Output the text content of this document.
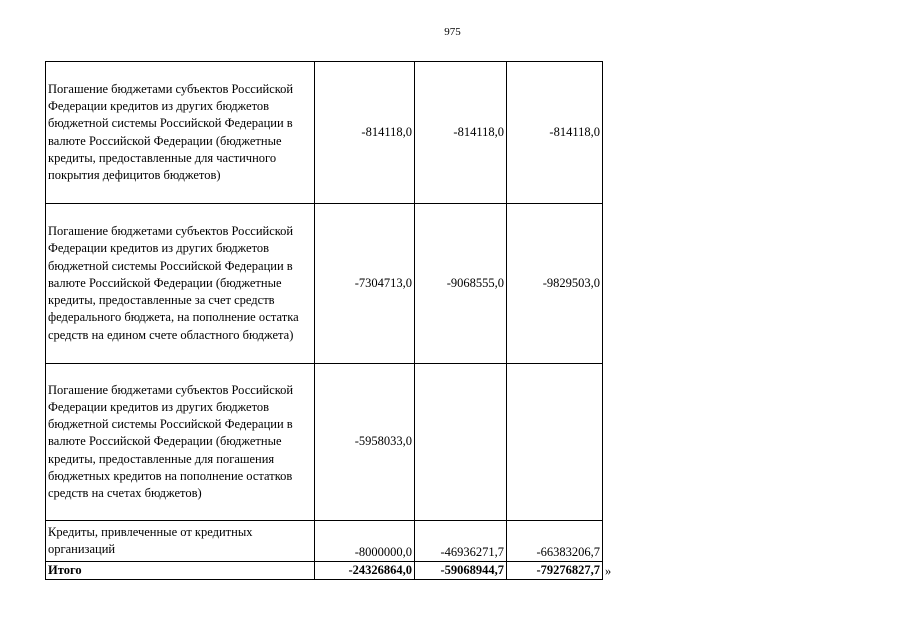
975
Погашение бюджетами субъектов Российской Федерации кредитов из других бюджетов бюджетной системы Российской Федерации в валюте Российской Федерации (бюджетные кредиты, предоставленные для частичного покрытия дефицитов бюджетов)	-814118,0	-814118,0	-814118,0
Погашение бюджетами субъектов Российской Федерации кредитов из других бюджетов бюджетной системы Российской Федерации в валюте Российской Федерации (бюджетные кредиты, предоставленные за счет средств федерального бюджета, на пополнение остатка средств на едином счете областного бюджета)	-7304713,0	-9068555,0	-9829503,0
Погашение бюджетами субъектов Российской Федерации кредитов из других бюджетов бюджетной системы Российской Федерации в валюте Российской Федерации (бюджетные кредиты, предоставленные для погашения бюджетных кредитов на пополнение остатков средств на счетах бюджетов)	-5958033,0		
Кредиты, привлеченные от кредитных организаций	-8000000,0	-46936271,7	-66383206,7
Итого	-24326864,0	-59068944,7	-79276827,7 »
